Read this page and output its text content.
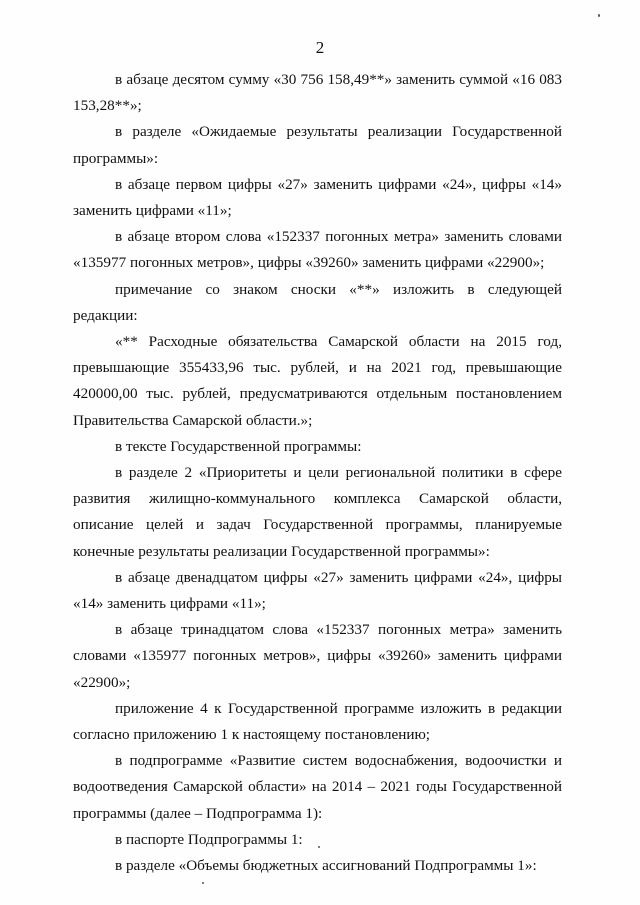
2

в абзаце десятом сумму «30 756 158,49**» заменить суммой «16 083 153,28**»;

в разделе «Ожидаемые результаты реализации Государственной программы»:

в абзаце первом цифры «27» заменить цифрами «24», цифры «14» заменить цифрами «11»;

в абзаце втором слова «152337 погонных метра» заменить словами «135977 погонных метров», цифры «39260» заменить цифрами «22900»;

примечание со знаком сноски «**» изложить в следующей редакции:

«** Расходные обязательства Самарской области на 2015 год, превышающие 355433,96 тыс. рублей, и на 2021 год, превышающие 420000,00 тыс. рублей, предусматриваются отдельным постановлением Правительства Самарской области.»;

в тексте Государственной программы:

в разделе 2 «Приоритеты и цели региональной политики в сфере развития жилищно-коммунального комплекса Самарской области, описание целей и задач Государственной программы, планируемые конечные результаты реализации Государственной программы»:

в абзаце двенадцатом цифры «27» заменить цифрами «24», цифры «14» заменить цифрами «11»;

в абзаце тринадцатом слова «152337 погонных метра» заменить словами «135977 погонных метров», цифры «39260» заменить цифрами «22900»;

приложение 4 к Государственной программе изложить в редакции согласно приложению 1 к настоящему постановлению;

в подпрограмме «Развитие систем водоснабжения, водоочистки и водоотведения Самарской области» на 2014 – 2021 годы Государственной программы (далее – Подпрограмма 1):

в паспорте Подпрограммы 1:

в разделе «Объемы бюджетных ассигнований Подпрограммы 1»:
